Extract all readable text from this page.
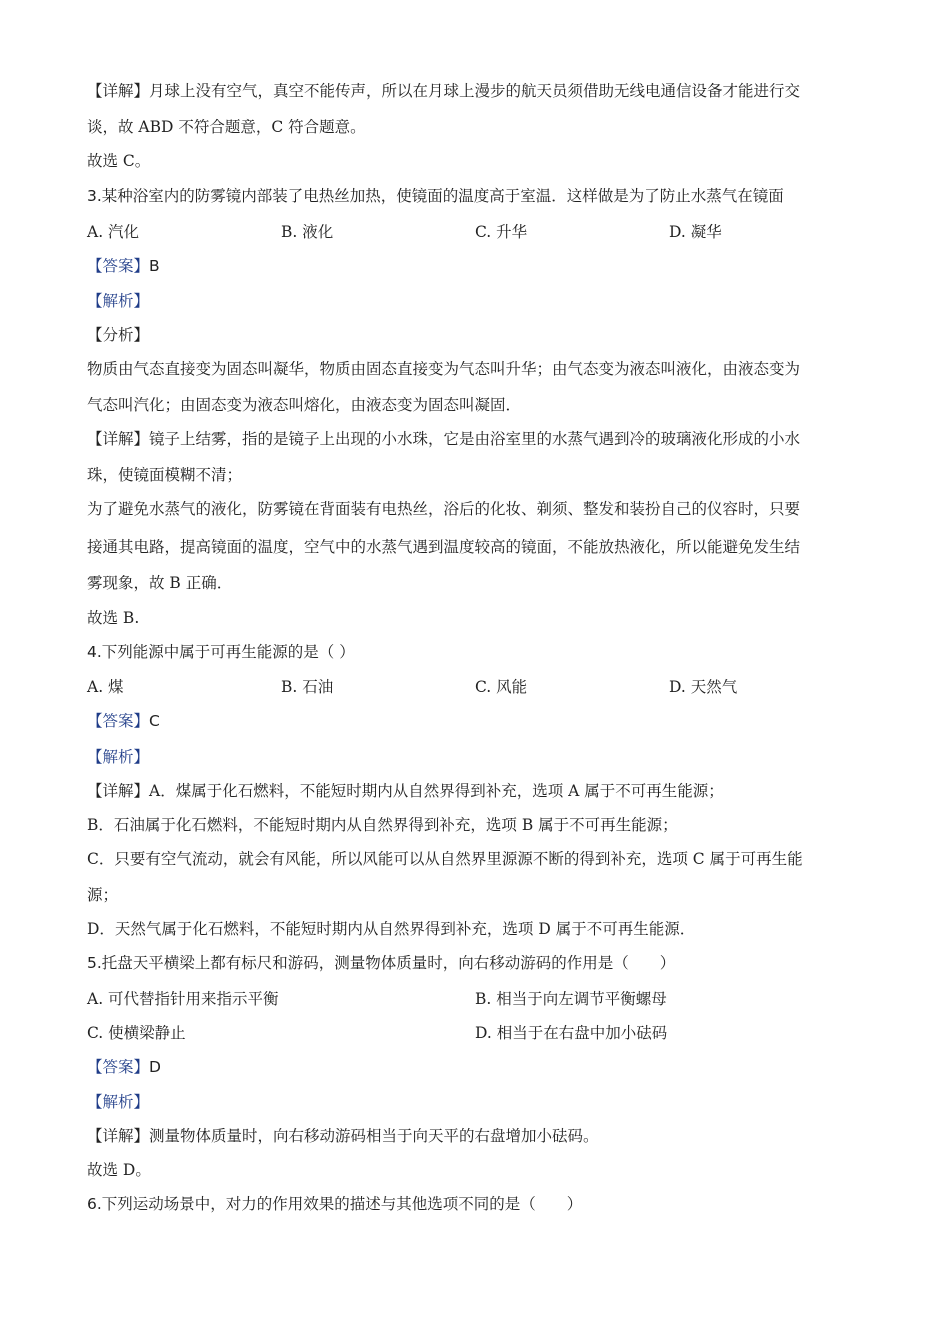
【详解】月球上没有空气，真空不能传声，所以在月球上漫步的航天员须借助无线电通信设备才能进行交
谈，故 ABD 不符合题意，C 符合题意。
故选 C。
3.某种浴室内的防雾镜内部装了电热丝加热，使镜面的温度高于室温．这样做是为了防止水蒸气在镜面
A. 汽化	B. 液化	C. 升华	D. 凝华
【答案】B
【解析】
【分析】
物质由气态直接变为固态叫凝华，物质由固态直接变为气态叫升华；由气态变为液态叫液化，由液态变为
气态叫汽化；由固态变为液态叫熔化，由液态变为固态叫凝固．
【详解】镜子上结雾，指的是镜子上出现的小水珠，它是由浴室里的水蒸气遇到冷的玻璃液化形成的小水
珠，使镜面模糊不清；
为了避免水蒸气的液化，防雾镜在背面装有电热丝，浴后的化妆、剃须、整发和装扮自己的仪容时，只要
接通其电路，提高镜面的温度，空气中的水蒸气遇到温度较高的镜面，不能放热液化，所以能避免发生结
雾现象，故 B 正确．
故选 B.
4.下列能源中属于可再生能源的是（ ）
A. 煤	B. 石油	C. 风能	D. 天然气
【答案】C
【解析】
【详解】A．煤属于化石燃料，不能短时期内从自然界得到补充，选项 A 属于不可再生能源；
B．石油属于化石燃料，不能短时期内从自然界得到补充，选项 B 属于不可再生能源；
C．只要有空气流动，就会有风能，所以风能可以从自然界里源源不断的得到补充，选项 C 属于可再生能
源；
D．天然气属于化石燃料，不能短时期内从自然界得到补充，选项 D 属于不可再生能源．
5.托盘天平横梁上都有标尺和游码，测量物体质量时，向右移动游码的作用是（　　）
A. 可代替指针用来指示平衡	B. 相当于向左调节平衡螺母
C. 使横梁静止	D. 相当于在右盘中加小砝码
【答案】D
【解析】
【详解】测量物体质量时，向右移动游码相当于向天平的右盘增加小砝码。
故选 D。
6.下列运动场景中，对力的作用效果的描述与其他选项不同的是（　　）
